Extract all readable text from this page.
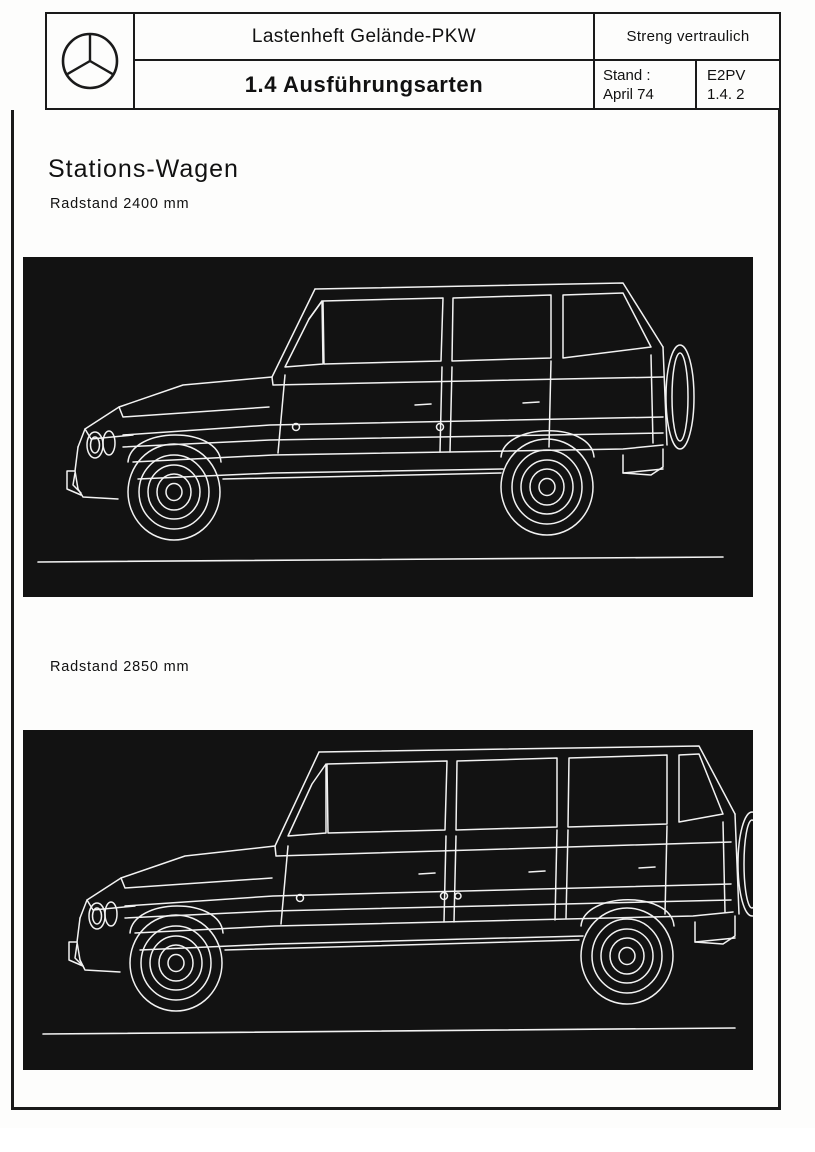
Lastenheft Gelände-PKW
1.4 Ausführungsarten
Streng vertraulich
Stand :
April 74
E2PV
1.4. 2
Stations-Wagen
Radstand 2400 mm
Radstand 2850 mm
